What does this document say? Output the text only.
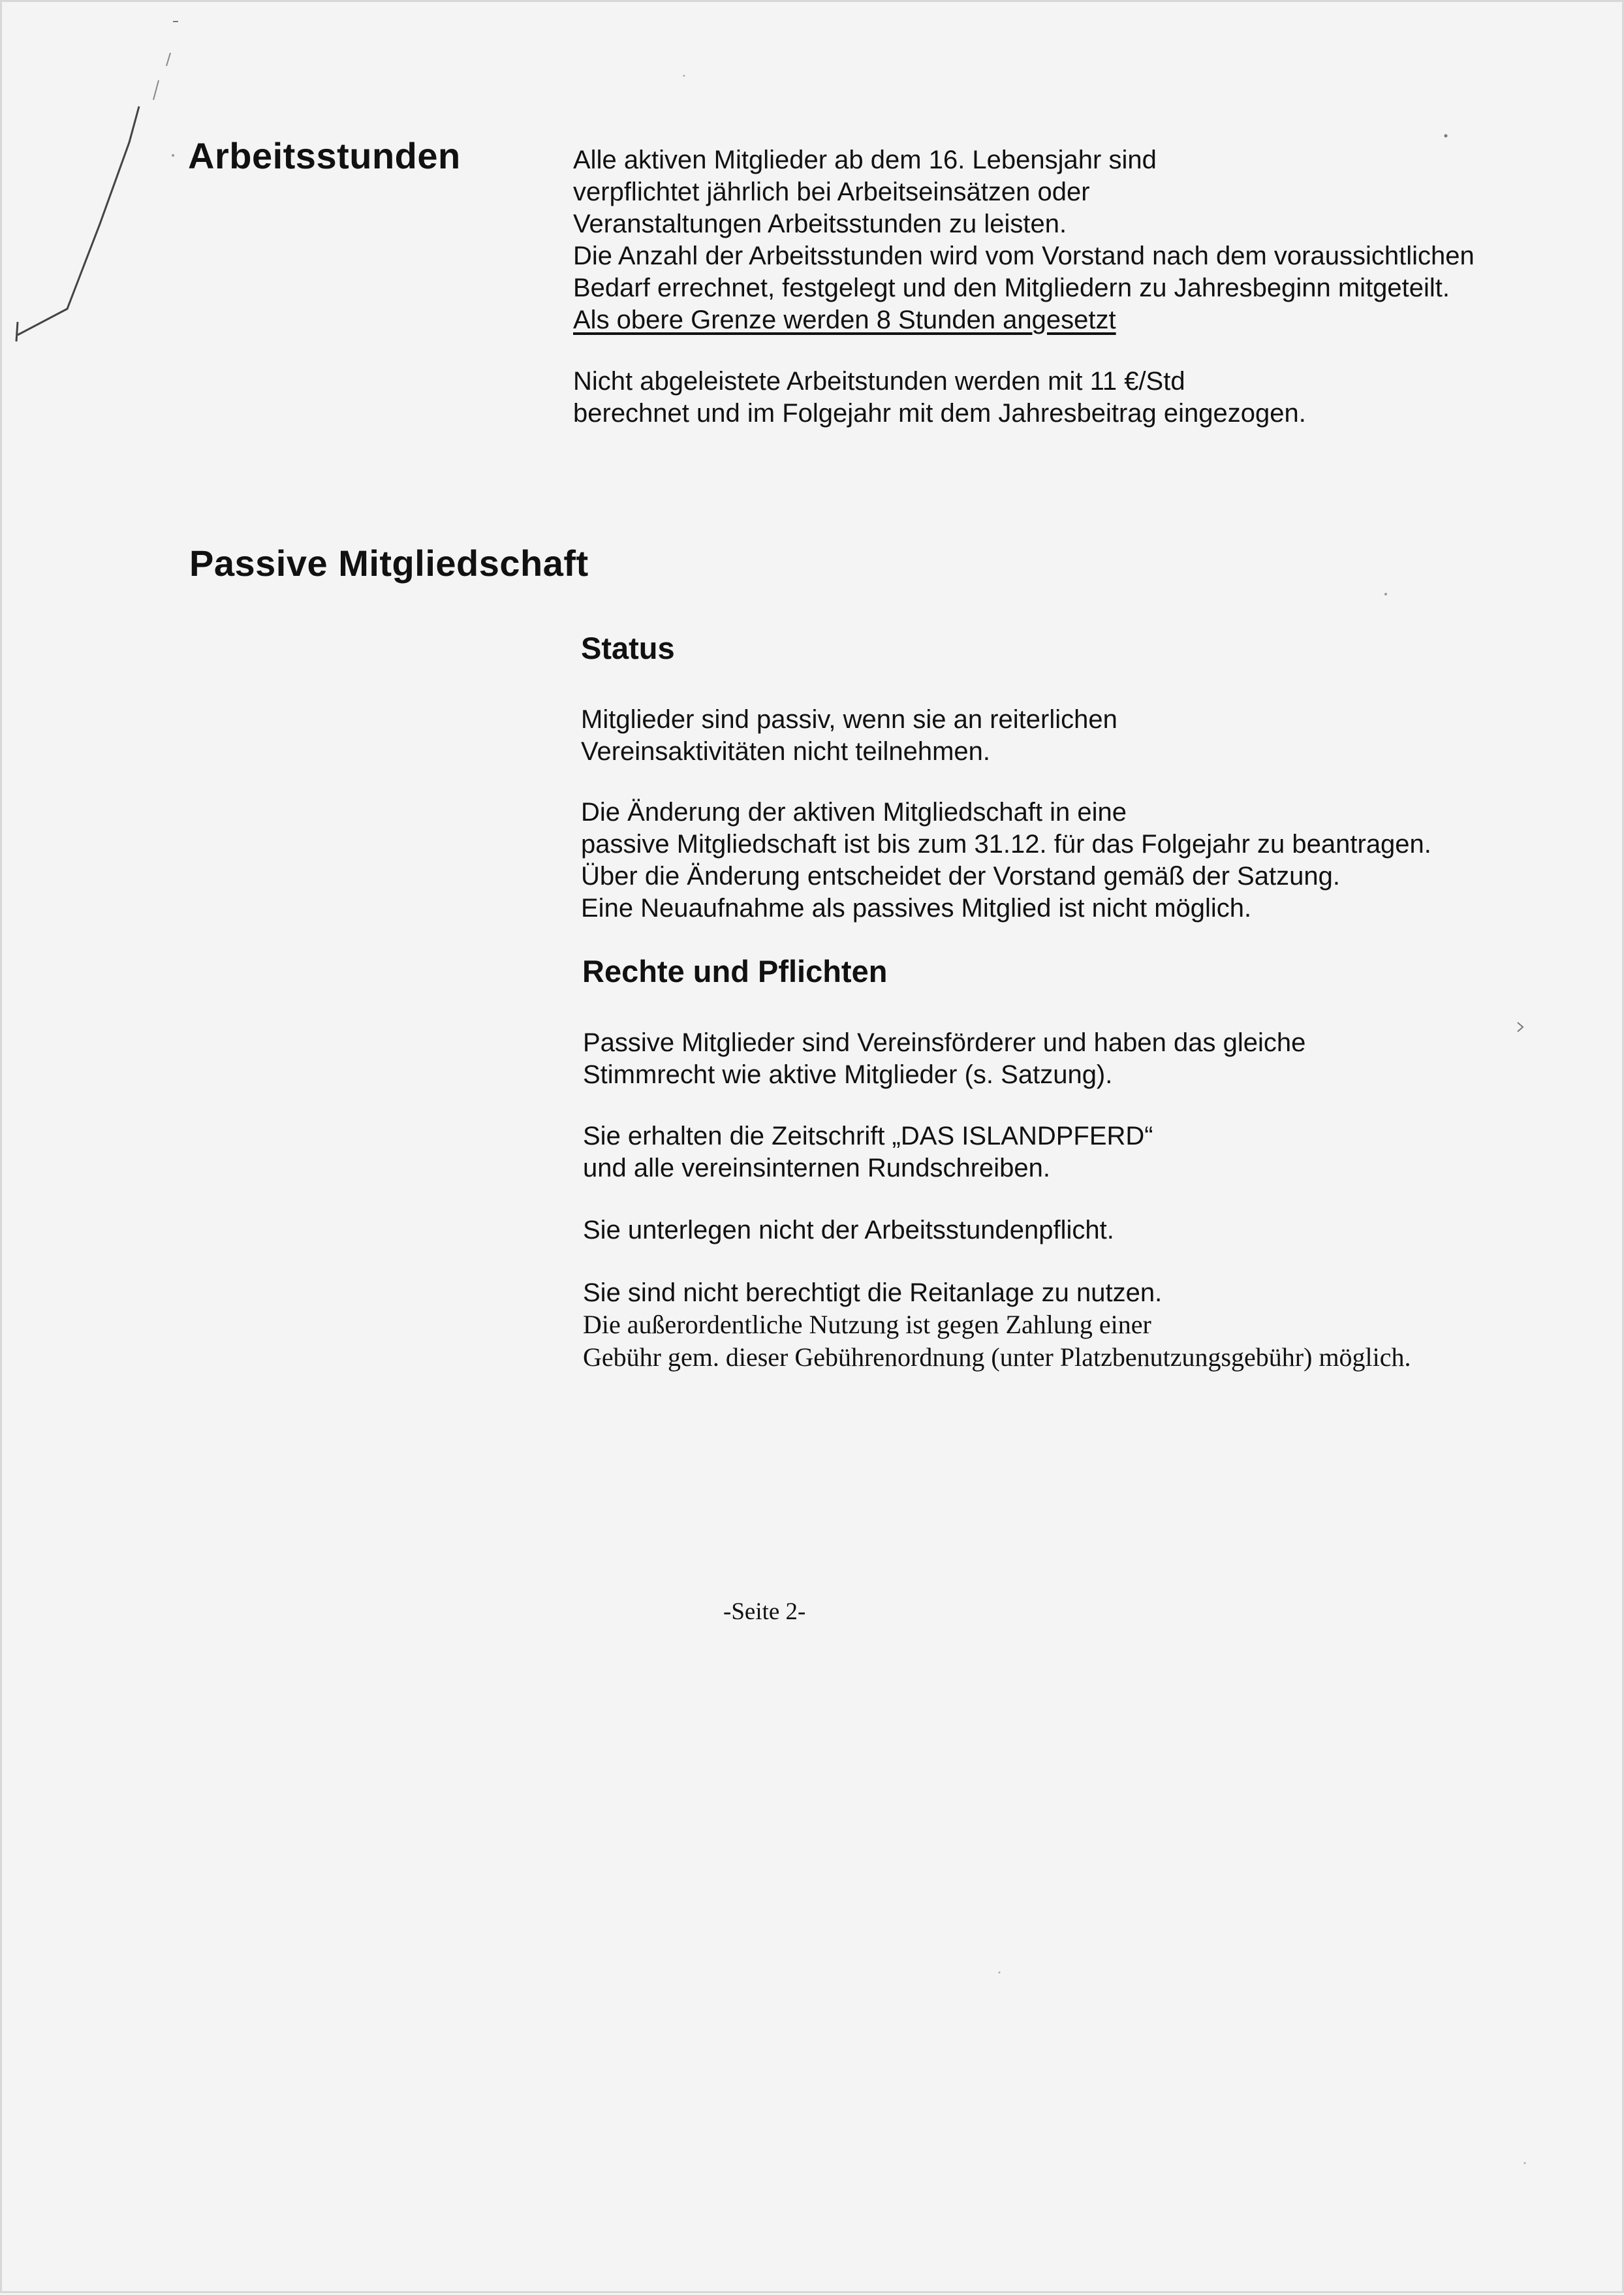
Arbeitsstunden	Alle aktiven Mitglieder ab dem 16. Lebensjahr sind
verpflichtet jährlich bei Arbeitseinsätzen oder
Veranstaltungen Arbeitsstunden zu leisten.
Die Anzahl der Arbeitsstunden wird vom Vorstand nach dem voraussichtlichen
Bedarf errechnet, festgelegt und den Mitgliedern zu Jahresbeginn mitgeteilt.
Als obere Grenze werden 8 Stunden angesetzt
Nicht abgeleistete Arbeitstunden werden mit 11 €/Std
berechnet und im Folgejahr mit dem Jahresbeitrag eingezogen.
Passive Mitgliedschaft
Status
Mitglieder sind passiv, wenn sie an reiterlichen
Vereinsaktivitäten nicht teilnehmen.
Die Änderung der aktiven Mitgliedschaft in eine
passive Mitgliedschaft ist bis zum 31.12. für das Folgejahr zu beantragen.
Über die Änderung entscheidet der Vorstand gemäß der Satzung.
Eine Neuaufnahme als passives Mitglied ist nicht möglich.
Rechte und Pflichten
Passive Mitglieder sind Vereinsförderer und haben das gleiche
Stimmrecht wie aktive Mitglieder (s. Satzung).
Sie erhalten die Zeitschrift „DAS ISLANDPFERD“
und alle vereinsinternen Rundschreiben.
Sie unterlegen nicht der Arbeitsstundenpflicht.
Sie sind nicht berechtigt die Reitanlage zu nutzen.
Die außerordentliche Nutzung ist gegen Zahlung einer
Gebühr gem. dieser Gebührenordnung (unter Platzbenutzungsgebühr) möglich.
-Seite 2-
